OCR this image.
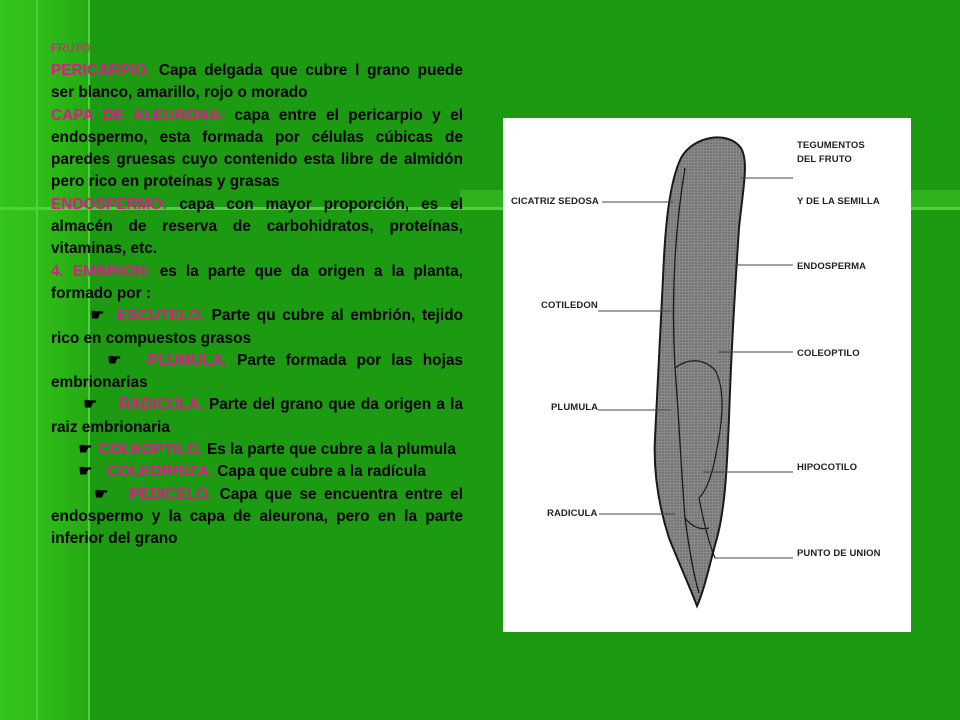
FRUTO.

PERICARPIO. Capa delgada que cubre l grano puede ser blanco, amarillo, rojo o morado

CAPA DE ALEURONA: capa entre el pericarpio y el endospermo, esta formada por células cúbicas de paredes gruesas cuyo contenido esta libre de almidón pero rico en proteínas y grasas

ENDOSPERMO: capa con mayor proporción, es el almacén de reserva de carbohidratos, proteínas, vitaminas, etc.

4. EMBRION: es la parte que da origen a la planta, formado por :

☛ ESCUTELO. Parte qu cubre al embrión, tejido rico en compuestos grasos

☛ PLUMULA. Parte formada por las hojas embrionarias

☛ RADICULA. Parte del grano que da origen a la raiz embrionaria

☛ COLEOPTILO. Es la parte que cubre a la plumula

☛ COLEORRIZA. Capa que cubre a la radícula

☛ PEDICELO. Capa que se encuentra entre el endospermo y la capa de aleurona, pero en la parte inferior del grano

CICATRIZ SEDOSA
COTILEDON
PLUMULA
RADICULA
TEGUMENTOS
DEL FRUTO
Y DE LA SEMILLA
ENDOSPERMA
COLEOPTILO
HIPOCOTILO
PUNTO DE UNION
